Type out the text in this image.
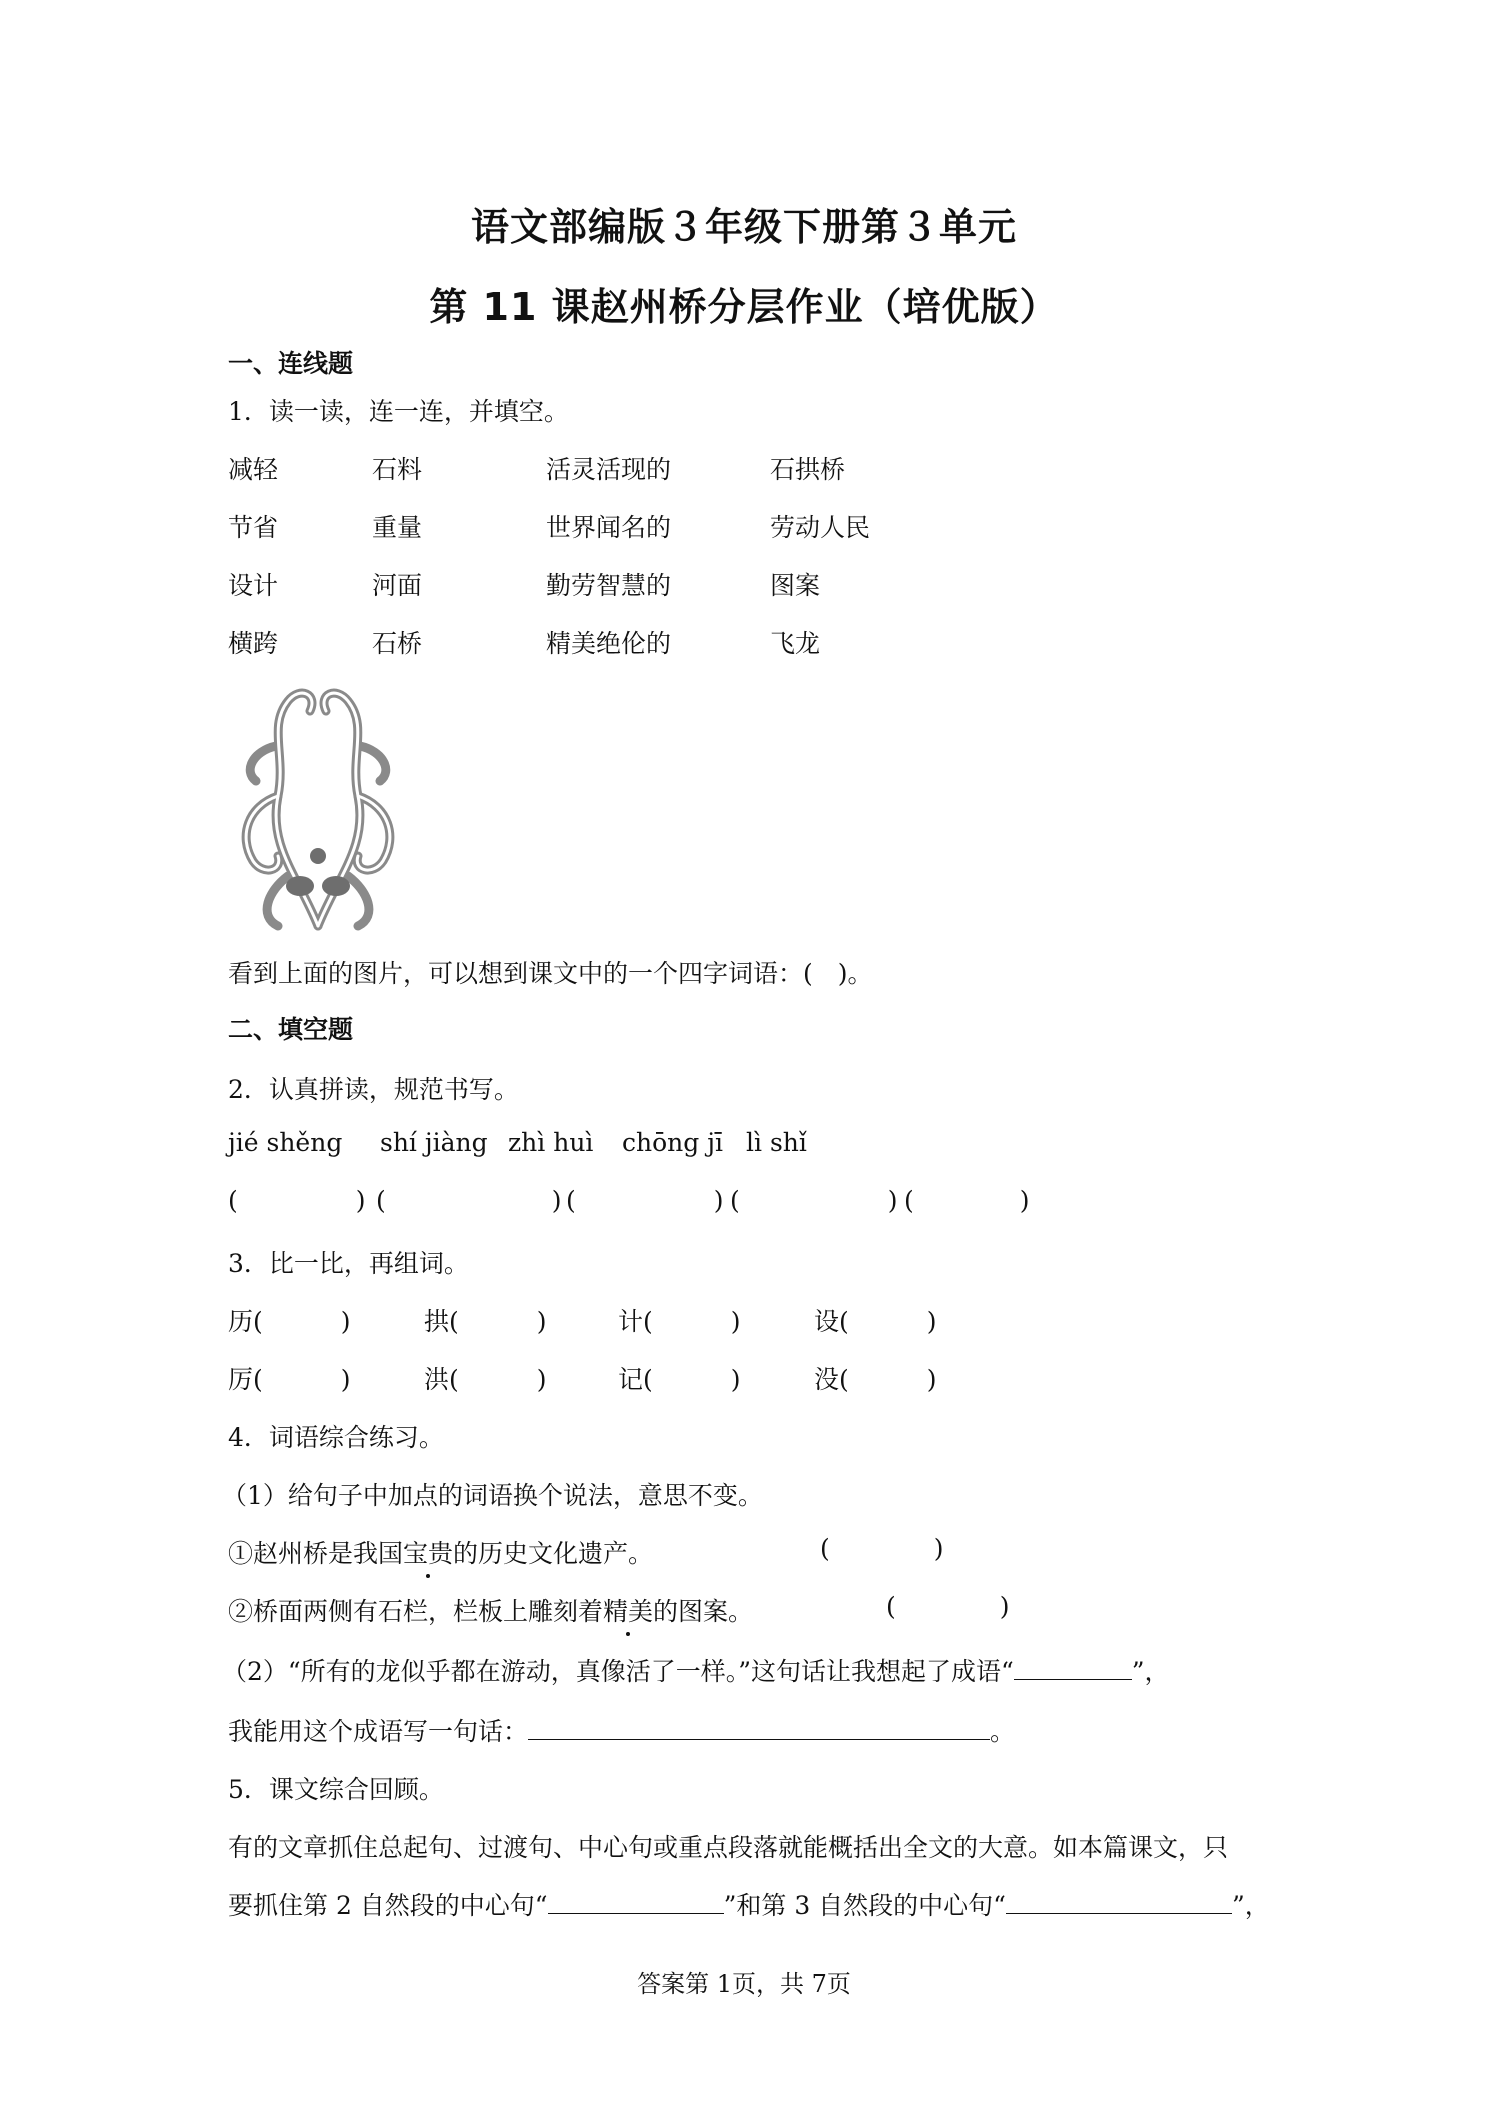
语文部编版３年级下册第３单元
第 11 课赵州桥分层作业（培优版）
一、连线题
1．读一读，连一连，并填空。
减轻	石料	活灵活现的	石拱桥
节省	重量	世界闻名的	劳动人民
设计	河面	勤劳智慧的	图案
横跨	石桥	精美绝伦的	飞龙
看到上面的图片，可以想到课文中的一个四字词语：(　)。
二、填空题
2．认真拼读，规范书写。
jié shěng shí jiàng zhì huì chōng jī lì shǐ
(	) (	) (	) (	) (	)
3．比一比，再组词。
历(	)	拱(	)	计(	)	设(	)
厉(	)	洪(	)	记(	)	没(	)
4．词语综合练习。
（1）给句子中加点的词语换个说法，意思不变。
①赵州桥是我国宝贵的历史文化遗产。	(	)
②桥面两侧有石栏，栏板上雕刻着精美的图案。	(	)
（2）“所有的龙似乎都在游动，真像活了一样。”这句话让我想起了成语“	”，
我能用这个成语写一句话：	。
5．课文综合回顾。
有的文章抓住总起句、过渡句、中心句或重点段落就能概括出全文的大意。如本篇课文，只
要抓住第 2 自然段的中心句“	”和第 3 自然段的中心句“	”，
答案第 1页，共 7页
